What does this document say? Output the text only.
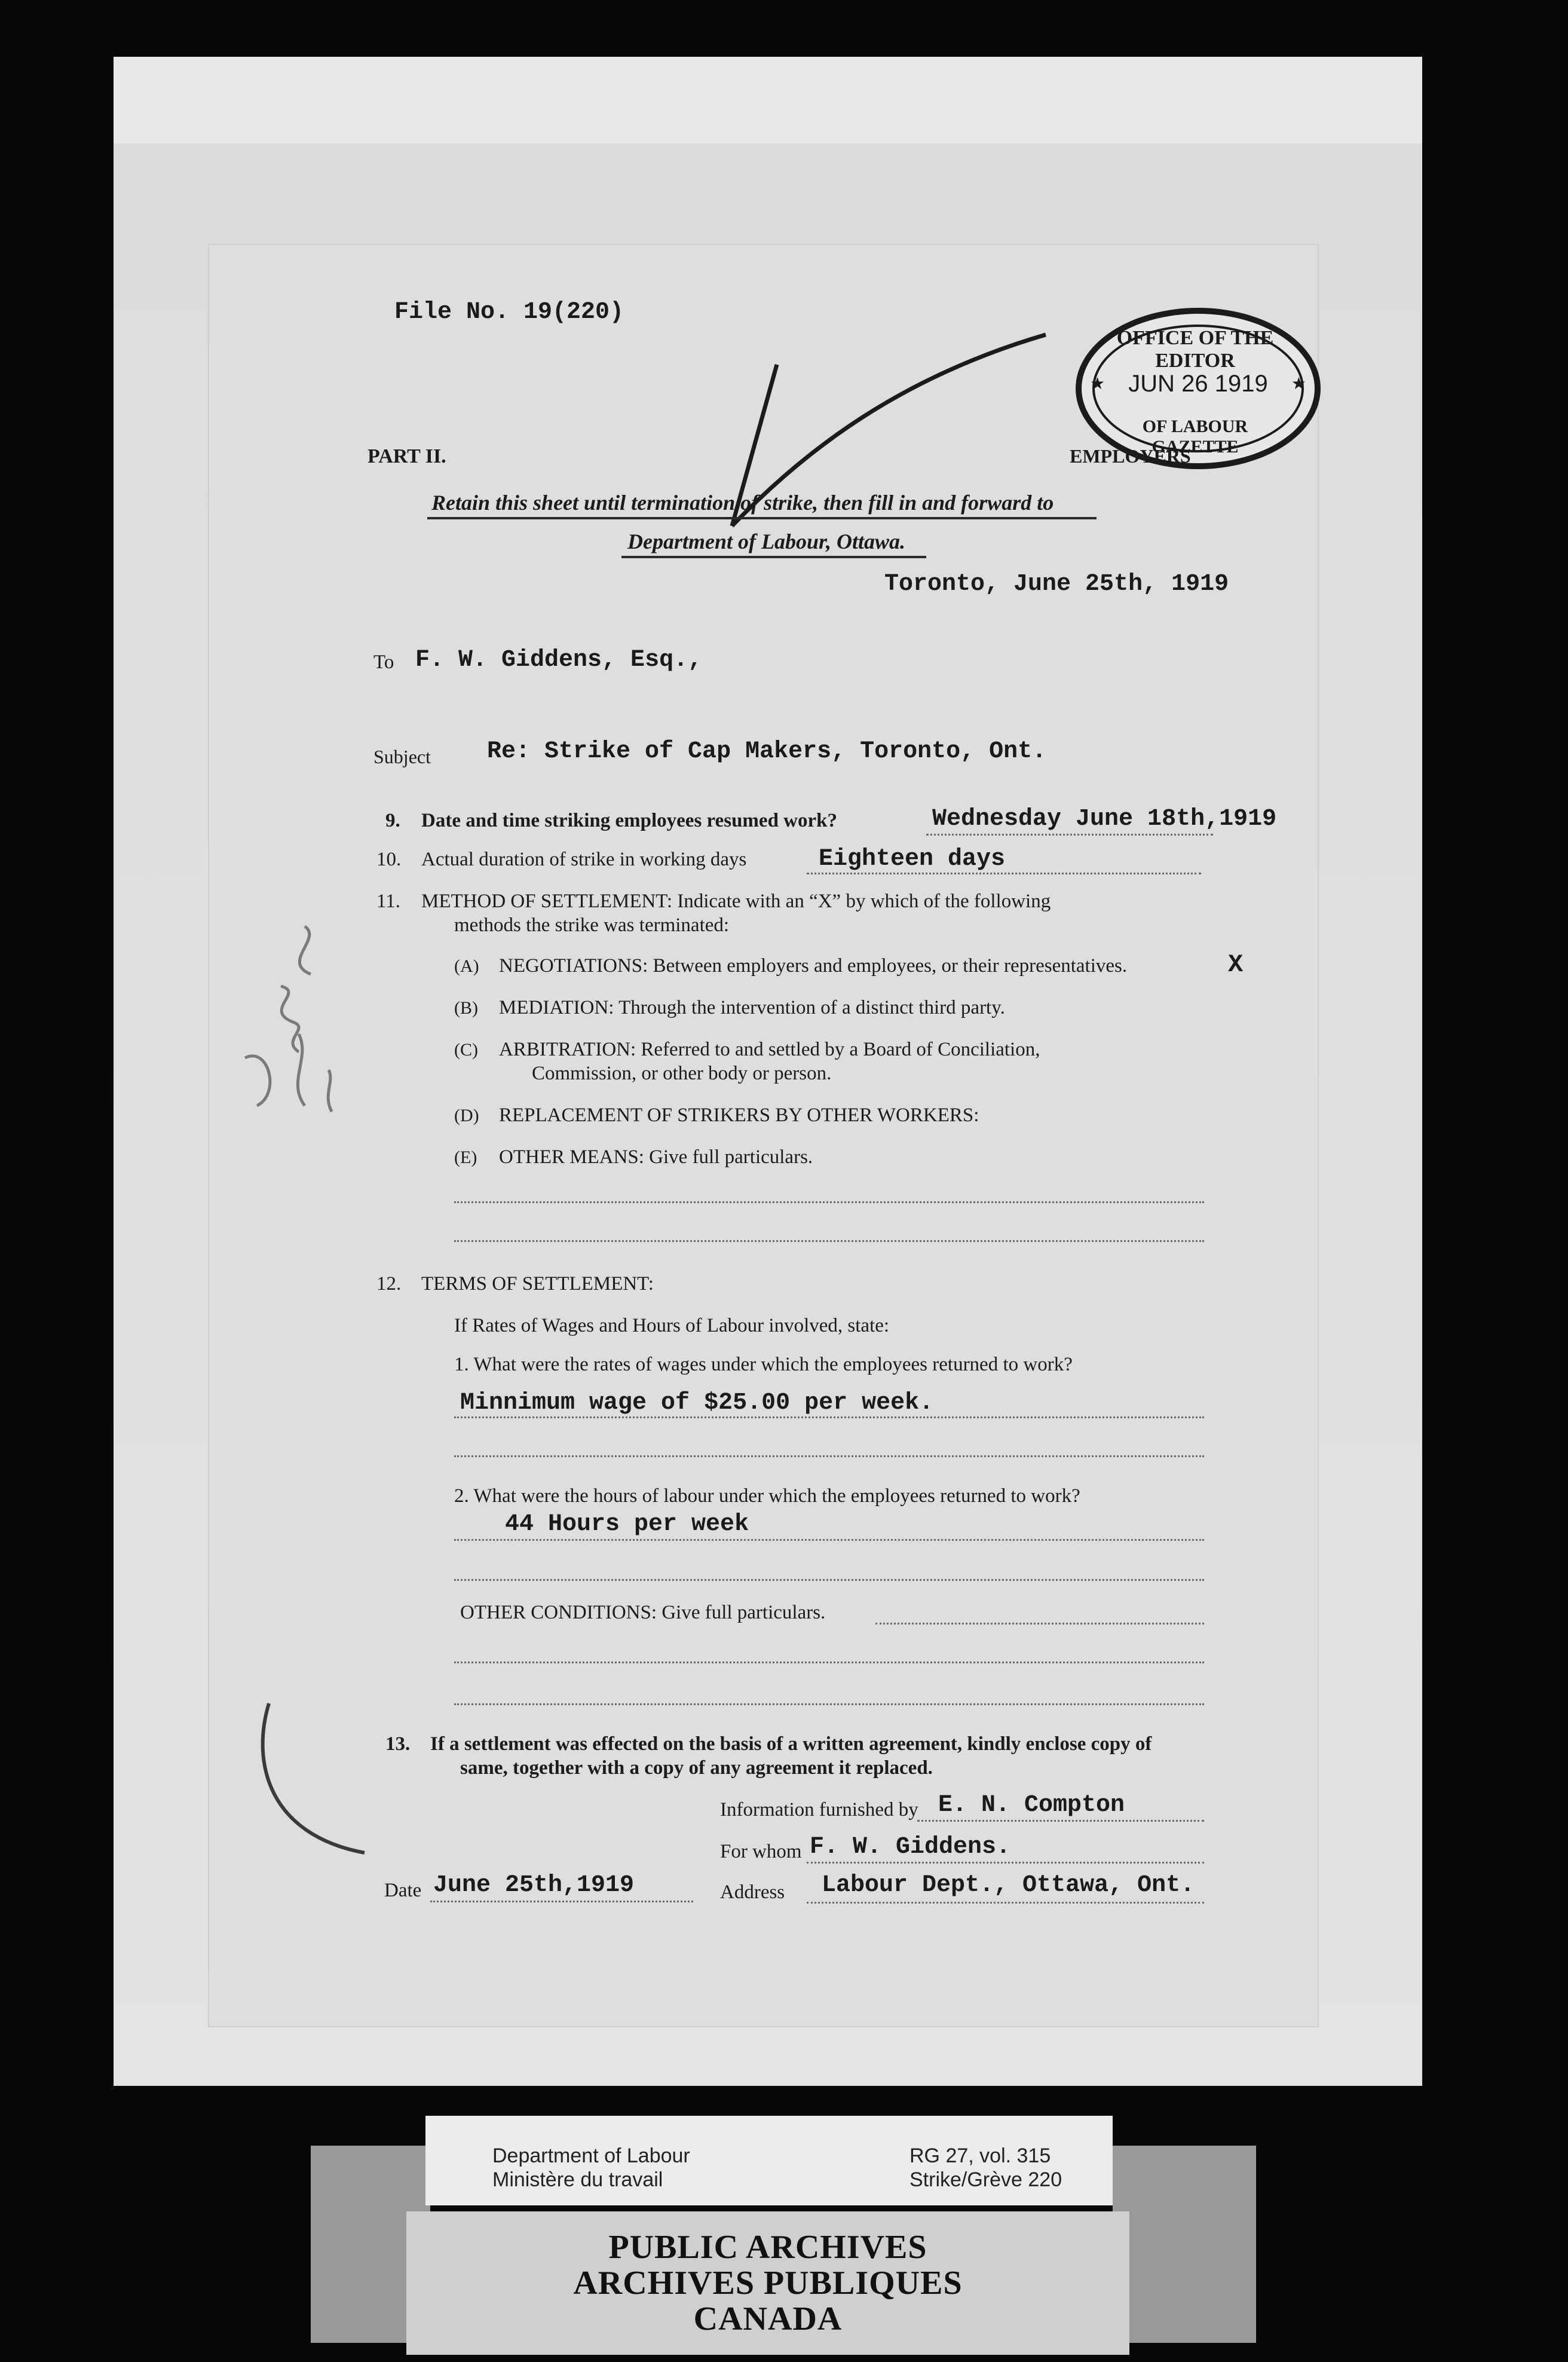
File No. 19(220)
OFFICE OF THE EDITOR
JUN 26 1919
OF LABOUR GAZETTE
★	★
PART II.	EMPLOYERS
Retain this sheet until termination of strike, then fill in and forward to
Department of Labour, Ottawa.
Toronto, June 25th, 1919
To F. W. Giddens, Esq.,
Subject Re: Strike of Cap Makers, Toronto, Ont.
9. Date and time striking employees resumed work?	Wednesday June 18th,1919
10. Actual duration of strike in working days	Eighteen days
11. METHOD OF SETTLEMENT: Indicate with an “X” by which of the following
methods the strike was terminated:
(A) NEGOTIATIONS: Between employers and employees, or their representatives.	X
(B) MEDIATION: Through the intervention of a distinct third party.
(C) ARBITRATION: Referred to and settled by a Board of Conciliation,
Commission, or other body or person.
(D) REPLACEMENT OF STRIKERS BY OTHER WORKERS:
(E) OTHER MEANS: Give full particulars.
12. TERMS OF SETTLEMENT:
If Rates of Wages and Hours of Labour involved, state:
1. What were the rates of wages under which the employees returned to work?
Minnimum wage of $25.00 per week.
2. What were the hours of labour under which the employees returned to work?
44 Hours per week
OTHER CONDITIONS: Give full particulars.
13. If a settlement was effected on the basis of a written agreement, kindly enclose copy of
same, together with a copy of any agreement it replaced.
Information furnished by E. N. Compton
For whom F. W. Giddens.
Date June 25th,1919	Address Labour Dept., Ottawa, Ont.
Department of Labour
Ministère du travail
RG 27, vol. 315
Strike/Grève 220
PUBLIC ARCHIVES
ARCHIVES PUBLIQUES
CANADA
